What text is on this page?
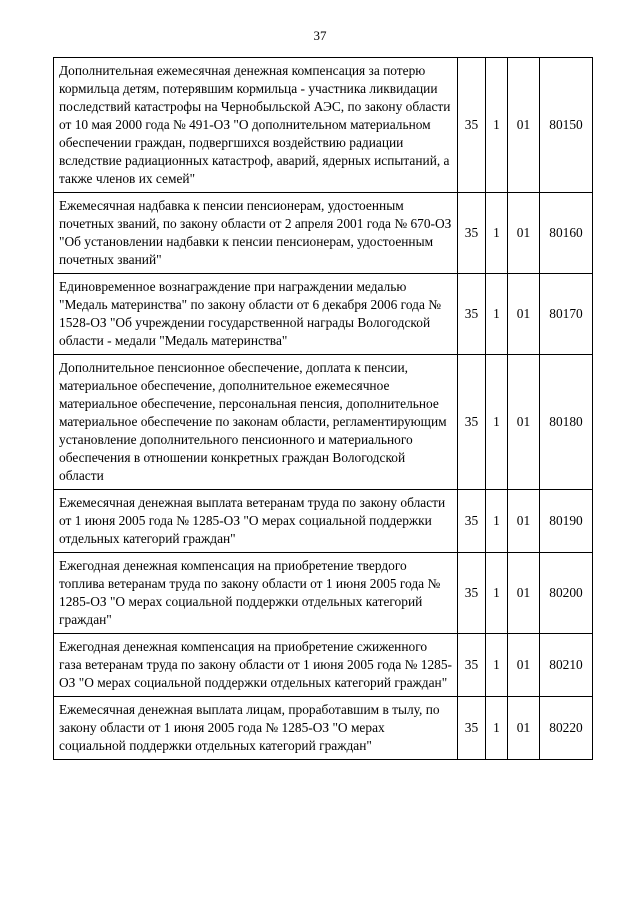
37
Дополнительная ежемесячная денежная компенсация за потерю кормильца детям, потерявшим кормильца - участника ликвидации последствий катастрофы на Чернобыльской АЭС, по закону области от 10 мая 2000 года № 491-ОЗ "О дополнительном материальном обеспечении граждан, подвергшихся воздействию радиации вследствие радиационных катастроф, аварий, ядерных испытаний, а также членов их семей"	35	1	01	80150
Ежемесячная надбавка к пенсии пенсионерам, удостоенным почетных званий, по закону области от 2 апреля 2001 года № 670-ОЗ "Об установлении надбавки к пенсии пенсионерам, удостоенным почетных званий"	35	1	01	80160
Единовременное вознаграждение при награждении медалью "Медаль материнства" по закону области от 6 декабря 2006 года № 1528-ОЗ "Об учреждении государственной награды Вологодской области - медали "Медаль материнства"	35	1	01	80170
Дополнительное пенсионное обеспечение, доплата к пенсии, материальное обеспечение, дополнительное ежемесячное материальное обеспечение, персональная пенсия, дополнительное материальное обеспечение по законам области, регламентирующим установление дополнительного пенсионного и материального обеспечения в отношении конкретных граждан Вологодской области	35	1	01	80180
Ежемесячная денежная выплата ветеранам труда по закону области от 1 июня 2005 года № 1285-ОЗ "О мерах социальной поддержки отдельных категорий граждан"	35	1	01	80190
Ежегодная денежная компенсация на приобретение твердого топлива ветеранам труда по закону области от 1 июня 2005 года № 1285-ОЗ "О мерах социальной поддержки отдельных категорий граждан"	35	1	01	80200
Ежегодная денежная компенсация на приобретение сжиженного газа ветеранам труда по закону области от 1 июня 2005 года № 1285-ОЗ "О мерах социальной поддержки отдельных категорий граждан"	35	1	01	80210
Ежемесячная денежная выплата лицам, проработавшим в тылу, по закону области от 1 июня 2005 года № 1285-ОЗ "О мерах социальной поддержки отдельных категорий граждан"	35	1	01	80220
